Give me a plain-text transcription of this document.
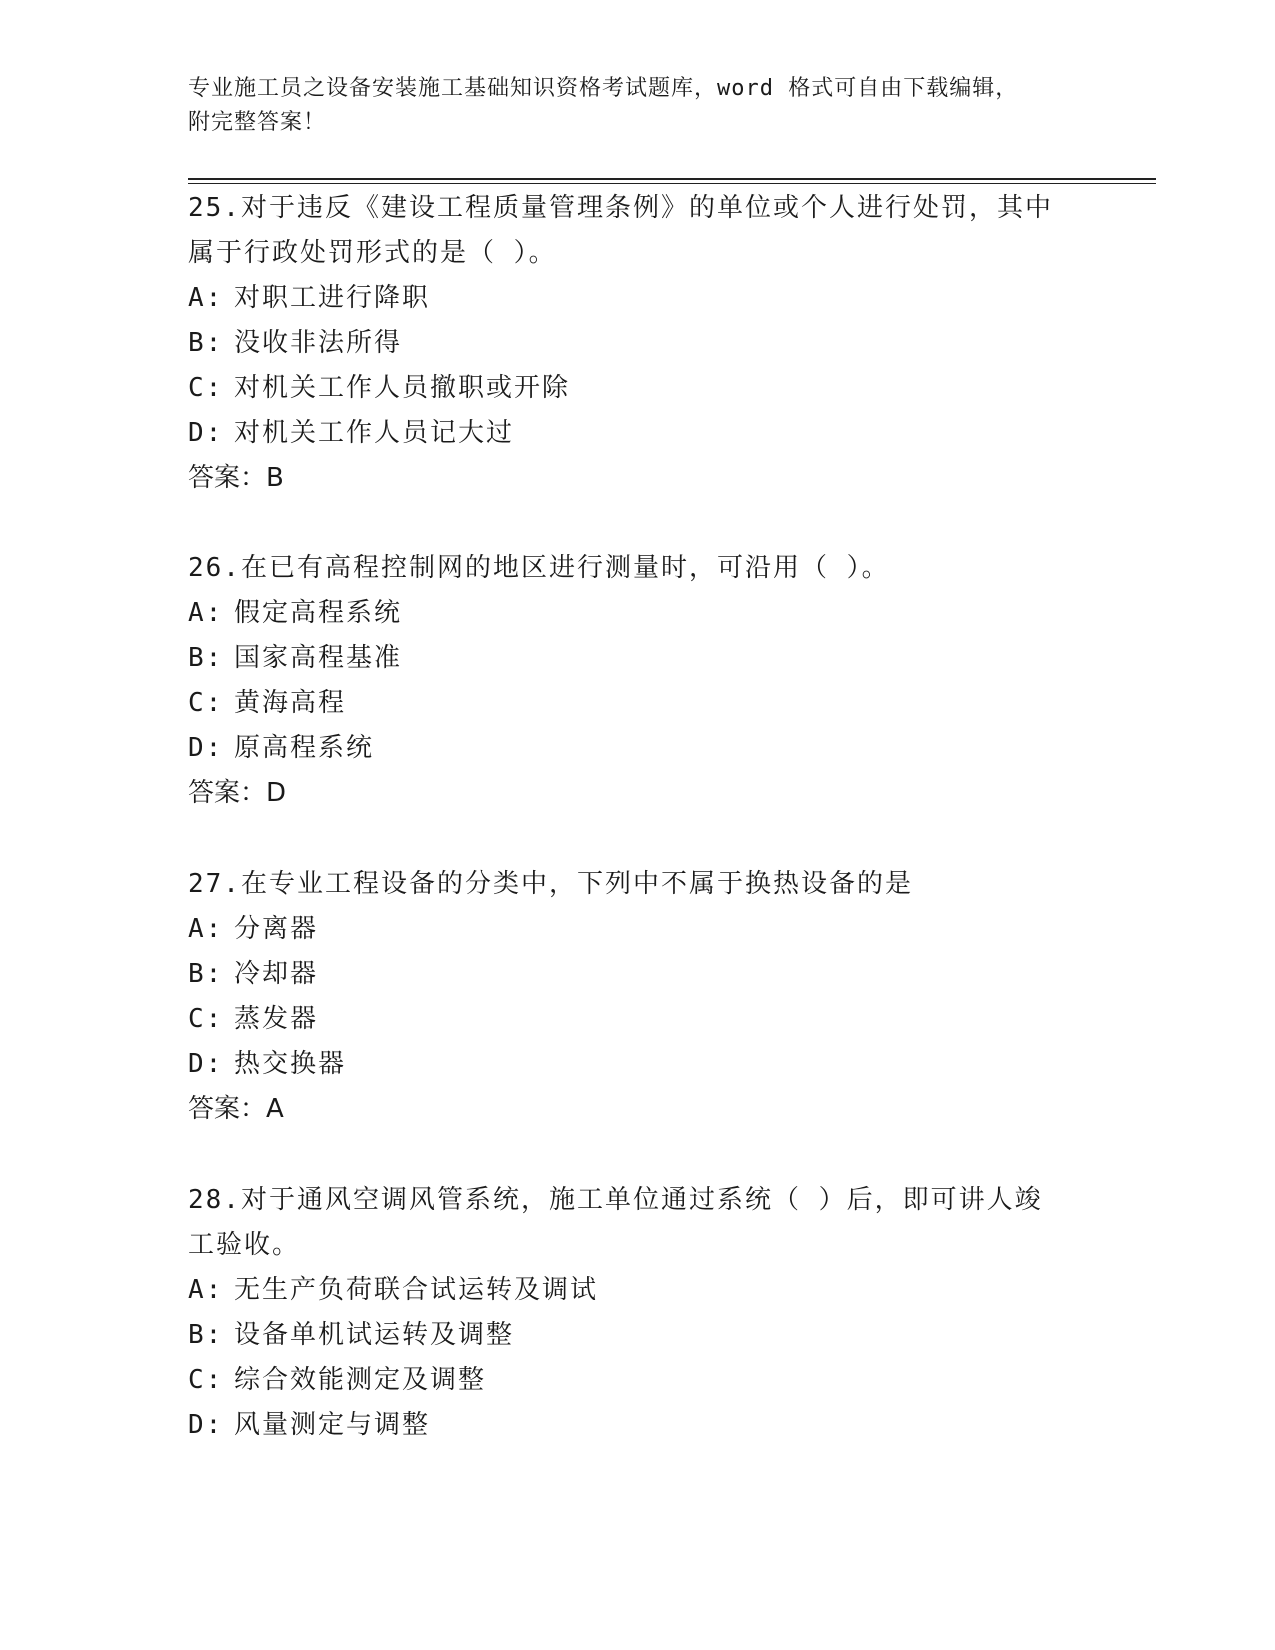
专业施工员之设备安装施工基础知识资格考试题库，word 格式可自由下载编辑，
附完整答案！

25.对于违反《建设工程质量管理条例》的单位或个人进行处罚，其中

属于行政处罚形式的是（ ）。

A: 对职工进行降职

B: 没收非法所得

C: 对机关工作人员撤职或开除

D: 对机关工作人员记大过

答案：B

26.在已有高程控制网的地区进行测量时，可沿用（ ）。

A: 假定高程系统

B: 国家高程基准

C: 黄海高程

D: 原高程系统

答案：D

27.在专业工程设备的分类中，下列中不属于换热设备的是

A: 分离器

B: 冷却器

C: 蒸发器

D: 热交换器

答案：A

28.对于通风空调风管系统，施工单位通过系统（ ）后，即可讲人竣

工验收。

A: 无生产负荷联合试运转及调试

B: 设备单机试运转及调整

C: 综合效能测定及调整

D: 风量测定与调整
